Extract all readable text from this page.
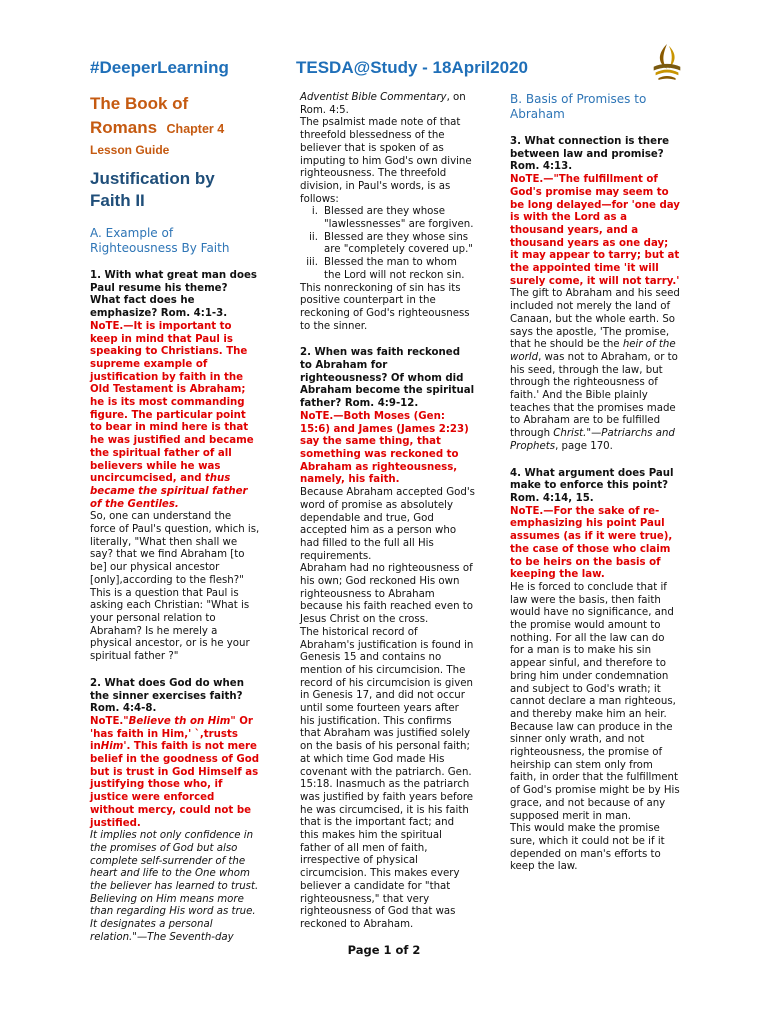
#DeeperLearning	TESDA@Study - 18April2020
The Book of
Romans Chapter 4
Lesson Guide
Justification by Faith II
A. Example of Righteousness By Faith

1. With what great man does Paul resume his theme? What fact does he emphasize? Rom. 4:1-3.

NoTE.—It is important to keep in mind that Paul is speaking to Christians. The supreme example of justification by faith in the Old Testament is Abraham; he is its most commanding figure. The particular point to bear in mind here is that he was justified and became the spiritual father of all believers while he was uncircumcised, and thus became the spiritual father of the Gentiles.

So, one can understand the force of Paul's question, which is, literally, "What then shall we say? that we find Abraham [to be] our physical ancestor [only],according to the flesh?" This is a question that Paul is asking each Christian: "What is your personal relation to Abraham? Is he merely a physical ancestor, or is he your spiritual father ?"

2. What does God do when the sinner exercises faith? Rom. 4:4-8.

NoTE."Believe th on Him" Or 'has faith in Him,' `,trusts inHim'. This faith is not mere belief in the goodness of God but is trust in God Himself as justifying those who, if justice were enforced without mercy, could not be justified.

It implies not only confidence in the promises of God but also complete self-surrender of the heart and life to the One whom the believer has learned to trust. Believing on Him means more than regarding His word as true. It designates a personal relation."—The Seventh-day

Adventist Bible Commentary, on Rom. 4:5.

The psalmist made note of that threefold blessedness of the believer that is spoken of as imputing to him God's own divine righteousness. The threefold division, in Paul's words, is as follows:

i. Blessed are they whose "lawlessnesses" are forgiven.
ii. Blessed are they whose sins are "completely covered up."
iii. Blessed the man to whom the Lord will not reckon sin.

This nonreckoning of sin has its positive counterpart in the reckoning of God's righteousness to the sinner.

2. When was faith reckoned to Abraham for righteousness? Of whom did Abraham become the spiritual father? Rom. 4:9-12.

NoTE.—Both Moses (Gen: 15:6) and James (James 2:23) say the same thing, that something was reckoned to Abraham as righteousness, namely, his faith.

Because Abraham accepted God's word of promise as absolutely dependable and true, God accepted him as a person who had filled to the full all His requirements.

Abraham had no righteousness of his own; God reckoned His own righteousness to Abraham because his faith reached even to Jesus Christ on the cross.

The historical record of Abraham's justification is found in Genesis 15 and contains no mention of his circumcision. The record of his circumcision is given in Genesis 17, and did not occur until some fourteen years after his justification. This confirms that Abraham was justified solely on the basis of his personal faith; at which time God made His covenant with the patriarch. Gen. 15:18. Inasmuch as the patriarch was justified by faith years before he was circumcised, it is his faith that is the important fact; and this makes him the spiritual father of all men of faith, irrespective of physical circumcision. This makes every believer a candidate for "that righteousness," that very righteousness of God that was reckoned to Abraham.

B. Basis of Promises to Abraham

3. What connection is there between law and promise? Rom. 4:13.

NoTE.—"The fulfillment of God's promise may seem to be long delayed—for 'one day is with the Lord as a thousand years, and a thousand years as one day; it may appear to tarry; but at the appointed time 'it will surely come, it will not tarry.'

The gift to Abraham and his seed included not merely the land of Canaan, but the whole earth. So says the apostle, 'The promise, that he should be the heir of the world, was not to Abraham, or to his seed, through the law, but through the righteousness of faith.' And the Bible plainly teaches that the promises made to Abraham are to be fulfilled through Christ."—Patriarchs and Prophets, page 170.

4. What argument does Paul make to enforce this point? Rom. 4:14, 15.

NoTE.—For the sake of re-emphasizing his point Paul assumes (as if it were true), the case of those who claim to be heirs on the basis of keeping the law.

He is forced to conclude that if law were the basis, then faith would have no significance, and the promise would amount to nothing. For all the law can do for a man is to make his sin appear sinful, and therefore to bring him under condemnation and subject to God's wrath; it cannot declare a man righteous, and thereby make him an heir. Because law can produce in the sinner only wrath, and not righteousness, the promise of heirship can stem only from faith, in order that the fulfillment of God's promise might be by His grace, and not because of any supposed merit in man.

This would make the promise sure, which it could not be if it depended on man's efforts to keep the law.

Page 1 of 2
